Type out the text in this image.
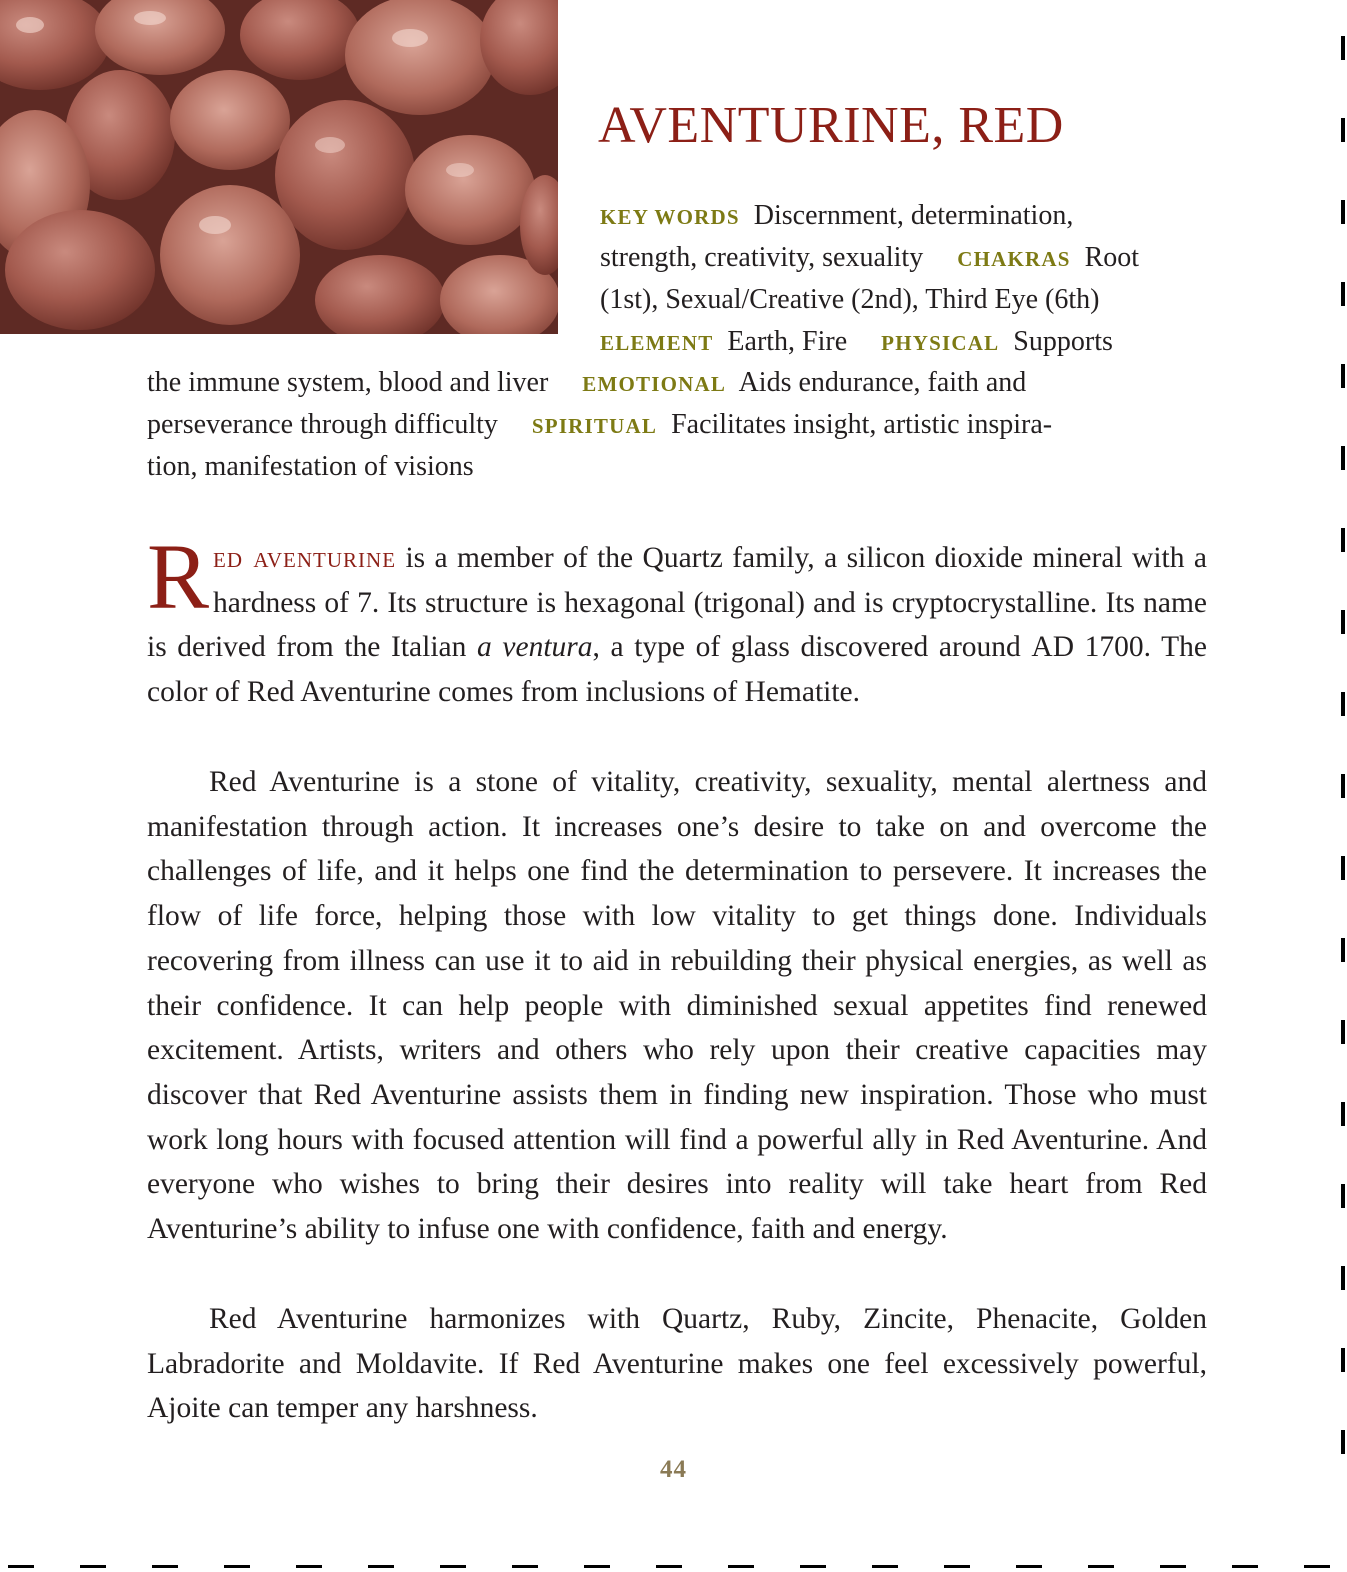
AVENTURINE, RED
KEY WORDS Discernment, determination,
strength, creativity, sexuality CHAKRAS Root
(1st), Sexual/Creative (2nd), Third Eye (6th)
ELEMENT Earth, Fire PHYSICAL Supports
the immune system, blood and liver EMOTIONAL Aids endurance, faith and
perseverance through difficulty SPIRITUAL Facilitates insight, artistic inspira-
tion, manifestation of visions

Red aventurine is a member of the Quartz family, a silicon dioxide mineral with a hardness of 7. Its structure is hexagonal (trigonal) and is cryptocrystalline. Its name is derived from the Italian a ventura, a type of glass discovered around AD 1700. The color of Red Aventurine comes from inclusions of Hematite.

Red Aventurine is a stone of vitality, creativity, sexuality, mental alertness and manifestation through action. It increases one’s desire to take on and overcome the challenges of life, and it helps one find the determination to persevere. It increases the flow of life force, helping those with low vitality to get things done. Individuals recovering from illness can use it to aid in rebuilding their physical energies, as well as their confidence. It can help people with diminished sexual appetites find renewed excitement. Artists, writers and others who rely upon their creative capacities may discover that Red Aventurine assists them in finding new inspiration. Those who must work long hours with focused attention will find a powerful ally in Red Aventurine. And everyone who wishes to bring their desires into reality will take heart from Red Aventurine’s ability to infuse one with confidence, faith and energy.

Red Aventurine harmonizes with Quartz, Ruby, Zincite, Phenacite, Golden Labradorite and Moldavite. If Red Aventurine makes one feel excessively powerful, Ajoite can temper any harshness.

44
